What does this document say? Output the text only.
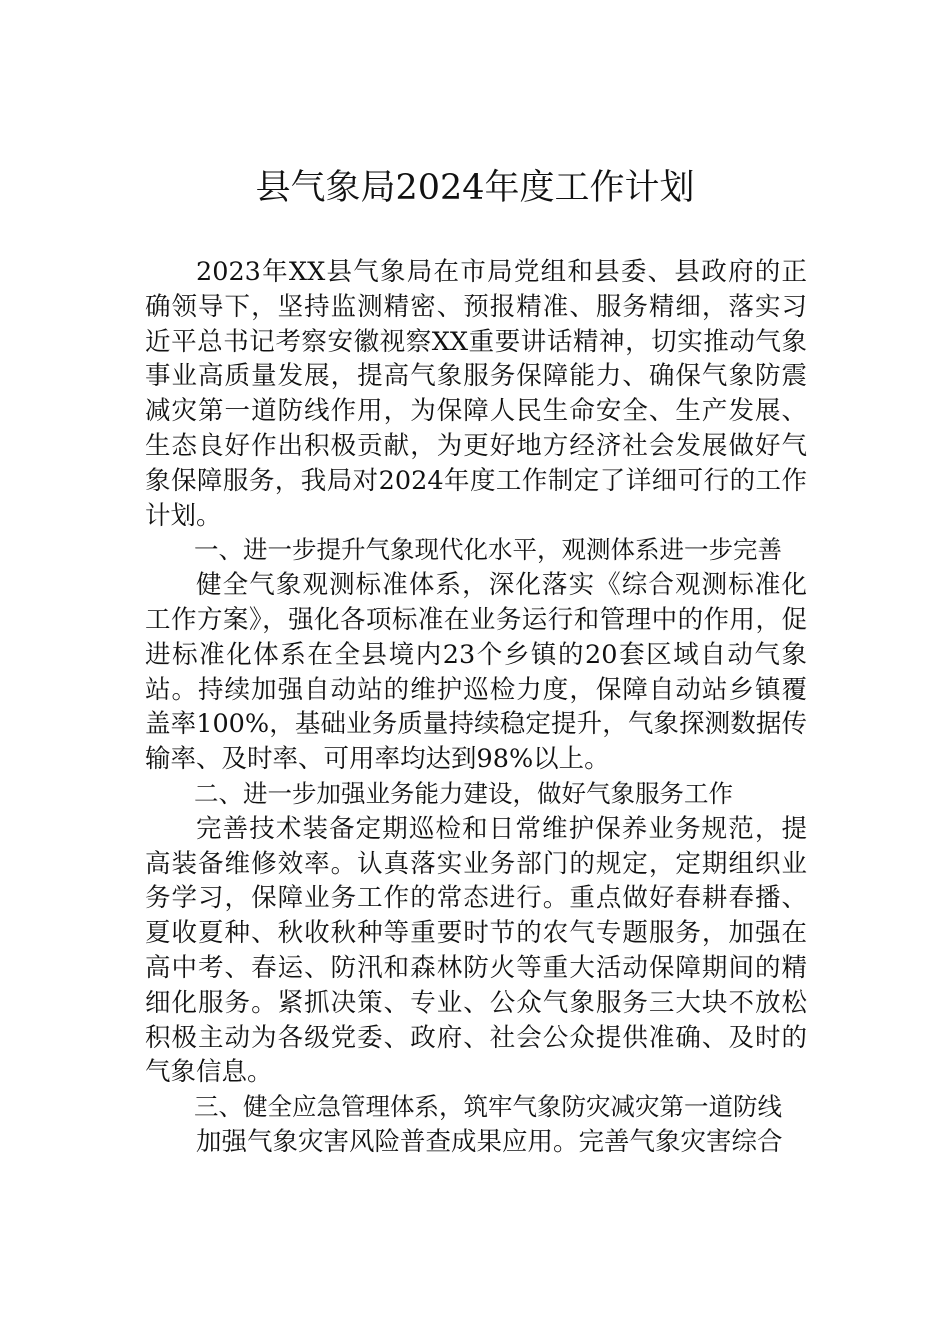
县气象局2024年度工作计划

2023年XX县气象局在市局党组和县委、县政府的正确领导下，坚持监测精密、预报精准、服务精细，落实习近平总书记考察安徽视察XX重要讲话精神，切实推动气象事业高质量发展，提高气象服务保障能力、确保气象防震减灾第一道防线作用，为保障人民生命安全、生产发展、生态良好作出积极贡献，为更好地方经济社会发展做好气象保障服务，我局对2024年度工作制定了详细可行的工作计划。

一、进一步提升气象现代化水平，观测体系进一步完善

健全气象观测标准体系，深化落实《综合观测标准化工作方案》，强化各项标准在业务运行和管理中的作用，促进标准化体系在全县境内23个乡镇的20套区域自动气象站。持续加强自动站的维护巡检力度，保障自动站乡镇覆盖率100%，基础业务质量持续稳定提升，气象探测数据传输率、及时率、可用率均达到98%以上。

二、进一步加强业务能力建设，做好气象服务工作

完善技术装备定期巡检和日常维护保养业务规范，提高装备维修效率。认真落实业务部门的规定，定期组织业务学习，保障业务工作的常态进行。重点做好春耕春播、夏收夏种、秋收秋种等重要时节的农气专题服务，加强在高中考、春运、防汛和森林防火等重大活动保障期间的精细化服务。紧抓决策、专业、公众气象服务三大块不放松积极主动为各级党委、政府、社会公众提供准确、及时的气象信息。

三、健全应急管理体系，筑牢气象防灾减灾第一道防线

加强气象灾害风险普查成果应用。完善气象灾害综合
